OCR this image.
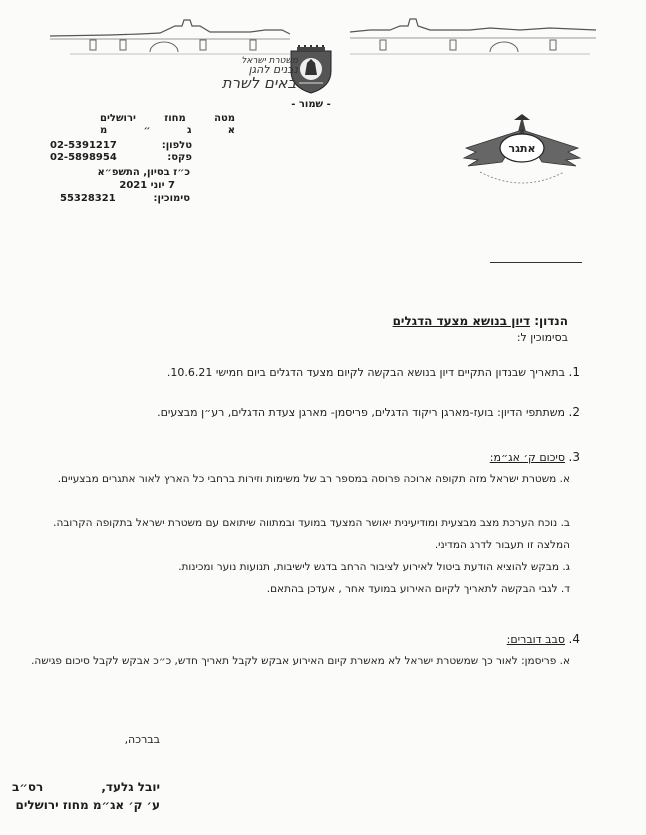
משטרת ישראל
נבנים להגן
באים לשרת
- שמור -
מטה
מחוז
ירושלים
א
ג
״
מ
טלפון:
02-5391217
פקס:
02-5898954
כ״ז בסיון, התשפ״א
7 יוני 2021
סימוכין:
55328321
אתגר
הנדון: דיון בנושא מצעד הדגלים
בסימוכין ל:
1. בתאריך שבנדון התקיים דיון בנושא הבקשה לקיום מצעד הדגלים ביום חמישי 10.6.21.
2. משתתפי הדיון: בועז-מארגן ריקוד הדגלים, פריסמן- מארגן צעדת הדגלים, רע״ן מבצעים.
3. סיכום ק׳ אג״מ:
א. משטרת ישראל מזה תקופה ארוכה פרוסה במספר רב של משימות וזירות ברחבי כל הארץ לאור אתגרים מבצעיים.
ב. נוכח הערכת מצב מבצעית ומודיעינית יאושר המצעד במועד ובמתווה שיתואם עם משטרת ישראל בתקופה הקרובה. המלצה זו תעבור לדרג המדיני.
ג. מבקש להוציא הודעת ביטול לאירוע לציבור הרחב בדגש לישיבות, תנועות נוער ומכינות.
ד. לגבי הבקשה לתאריך לקיום האירוע במועד אחר , אעדכן בהתאם.
4. סבב דוברים:
א. פריסמן: לאור כך שמשטרת ישראל לא מאשרת קיום האירוע אבקש לקבל תאריך חדש, כ״כ אבקש לקבל סיכום פגישה.
בברכה,
יובל גלעד,
רס״ב
ע׳ ק׳ אג״מ מחוז ירושלים
